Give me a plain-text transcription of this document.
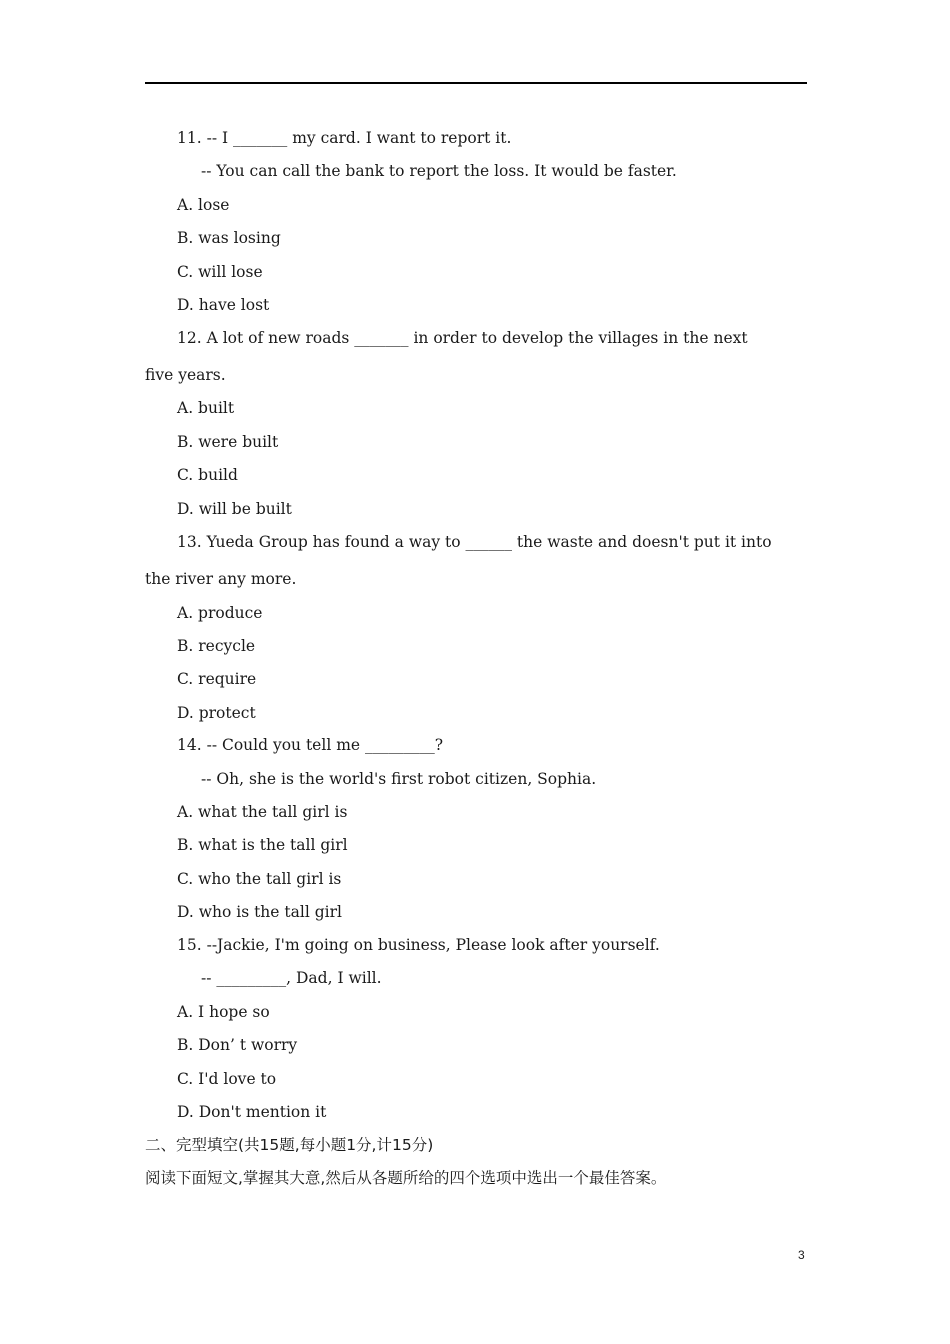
11. -- I _______ my card. I want to report it.
-- You can call the bank to report the loss. It would be faster.
A. lose
B. was losing
C. will lose
D. have lost
12. A lot of new roads _______ in order to develop the villages in the next
five years.
A. built
B. were built
C. build
D. will be built
13. Yueda Group has found a way to ______ the waste and doesn't put it into
the river any more.
A. produce
B. recycle
C. require
D. protect
14. -- Could you tell me _________?
-- Oh, she is the world's first robot citizen, Sophia.
A. what the tall girl is
B. what is the tall girl
C. who the tall girl is
D. who is the tall girl
15. --Jackie, I'm going on business, Please look after yourself.
-- _________, Dad, I will.
A. I hope so
B. Don’ t worry
C. I'd love to
D. Don't mention it
二、完型填空(共15题,每小题1分,计15分)
阅读下面短文,掌握其大意,然后从各题所给的四个选项中选出一个最佳答案。
3
